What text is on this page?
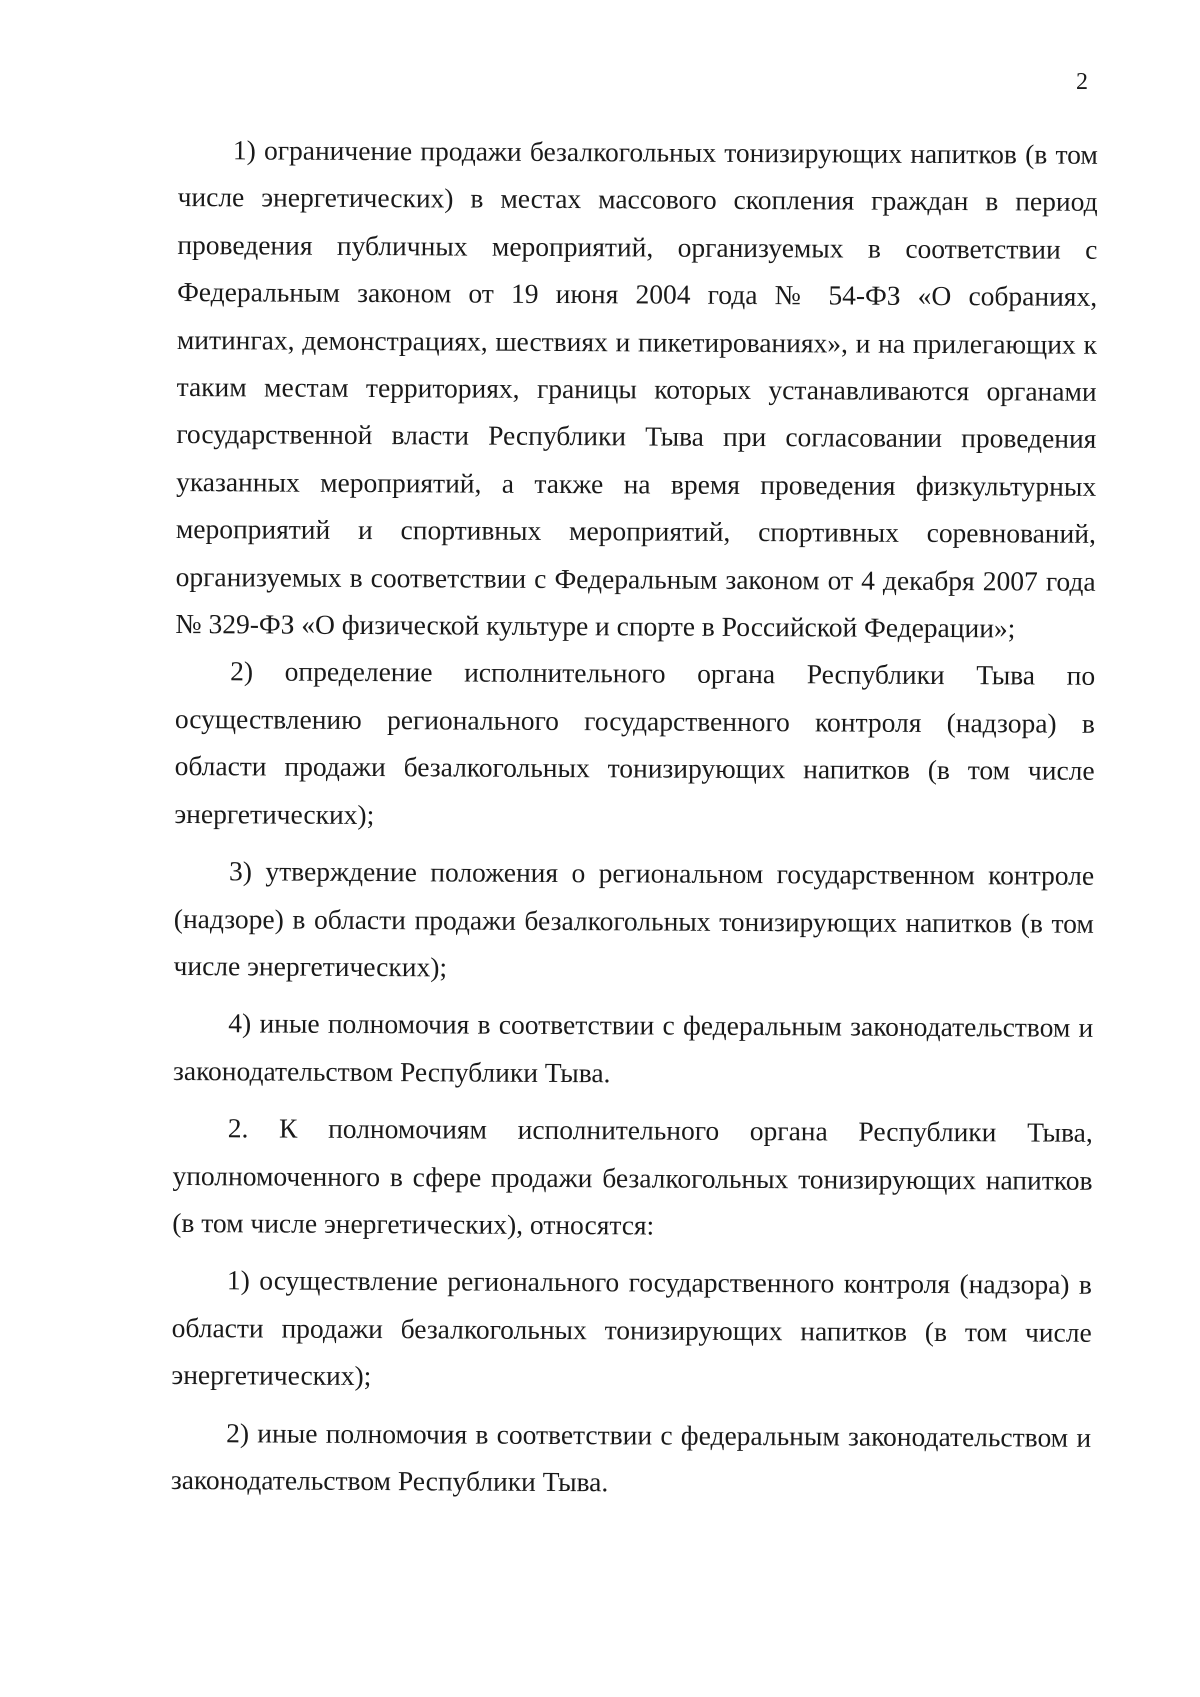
2

1) ограничение продажи безалкогольных тонизирующих напитков (в том числе энергетических) в местах массового скопления граждан в период проведения публичных мероприятий, организуемых в соответствии с Федеральным законом от 19 июня 2004 года № 54-ФЗ «О собраниях, митингах, демонстрациях, шествиях и пикетированиях», и на прилегающих к таким местам территориях, границы которых устанавливаются органами государственной власти Республики Тыва при согласовании проведения указанных мероприятий, а также на время проведения физкультурных мероприятий и спортивных мероприятий, спортивных соревнований, организуемых в соответствии с Федеральным законом от 4 декабря 2007 года № 329-ФЗ «О физической культуре и спорте в Российской Федерации»;

2) определение исполнительного органа Республики Тыва по осуществлению регионального государственного контроля (надзора) в области продажи безалкогольных тонизирующих напитков (в том числе энергетических);

3) утверждение положения о региональном государственном контроле (надзоре) в области продажи безалкогольных тонизирующих напитков (в том числе энергетических);

4) иные полномочия в соответствии с федеральным законодательством и законодательством Республики Тыва.

2. К полномочиям исполнительного органа Республики Тыва, уполномоченного в сфере продажи безалкогольных тонизирующих напитков (в том числе энергетических), относятся:

1) осуществление регионального государственного контроля (надзора) в области продажи безалкогольных тонизирующих напитков (в том числе энергетических);

2) иные полномочия в соответствии с федеральным законодательством и законодательством Республики Тыва.
